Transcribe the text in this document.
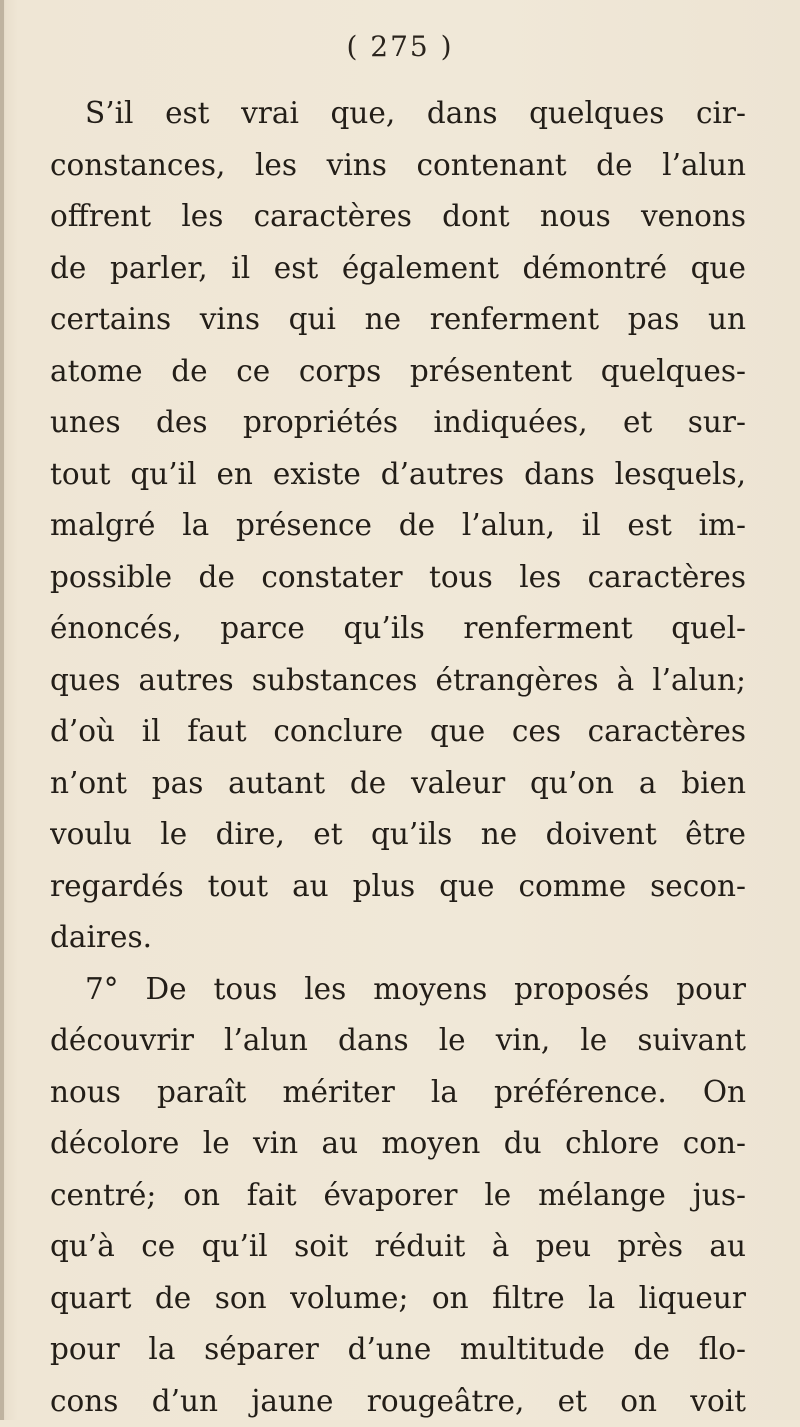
( 275 )
S’il est vrai que, dans quelques cir-
constances, les vins contenant de l’alun
offrent les caractères dont nous venons
de parler, il est également démontré que
certains vins qui ne renferment pas un
atome de ce corps présentent quelques-
unes des propriétés indiquées, et sur-
tout qu’il en existe d’autres dans lesquels,
malgré la présence de l’alun, il est im-
possible de constater tous les caractères
énoncés, parce qu’ils renferment quel-
ques autres substances étrangères à l’alun;
d’où il faut conclure que ces caractères
n’ont pas autant de valeur qu’on a bien
voulu le dire, et qu’ils ne doivent être
regardés tout au plus que comme secon-
daires.
7° De tous les moyens proposés pour
découvrir l’alun dans le vin, le suivant
nous paraît mériter la préférence. On
décolore le vin au moyen du chlore con-
centré; on fait évaporer le mélange jus-
qu’à ce qu’il soit réduit à peu près au
quart de son volume; on filtre la liqueur
pour la séparer d’une multitude de flo-
cons d’un jaune rougeâtre, et on voit
